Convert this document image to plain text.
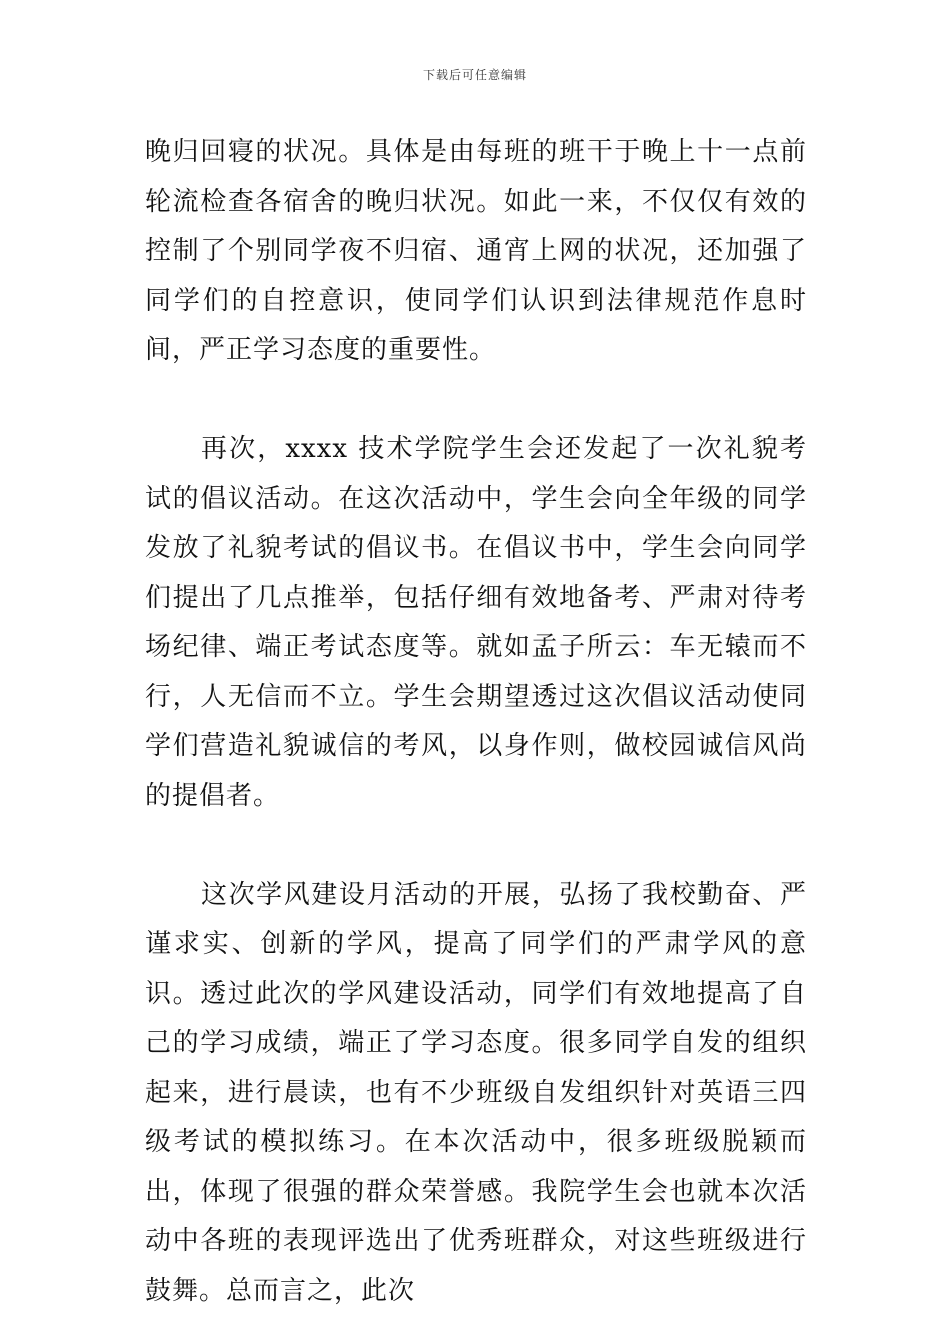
下载后可任意编辑

晚归回寝的状况。具体是由每班的班干于晚上十一点前轮流检查各宿舍的晚归状况。如此一来，不仅仅有效的控制了个别同学夜不归宿、通宵上网的状况，还加强了同学们的自控意识，使同学们认识到法律规范作息时间，严正学习态度的重要性。

再次，xxxx 技术学院学生会还发起了一次礼貌考试的倡议活动。在这次活动中，学生会向全年级的同学发放了礼貌考试的倡议书。在倡议书中，学生会向同学们提出了几点推举，包括仔细有效地备考、严肃对待考场纪律、端正考试态度等。就如孟子所云：车无辕而不行，人无信而不立。学生会期望透过这次倡议活动使同学们营造礼貌诚信的考风，以身作则，做校园诚信风尚的提倡者。

这次学风建设月活动的开展，弘扬了我校勤奋、严谨求实、创新的学风，提高了同学们的严肃学风的意识。透过此次的学风建设活动，同学们有效地提高了自己的学习成绩，端正了学习态度。很多同学自发的组织起来，进行晨读，也有不少班级自发组织针对英语三四级考试的模拟练习。在本次活动中，很多班级脱颖而出，体现了很强的群众荣誉感。我院学生会也就本次活动中各班的表现评选出了优秀班群众，对这些班级进行鼓舞。总而言之，此次
